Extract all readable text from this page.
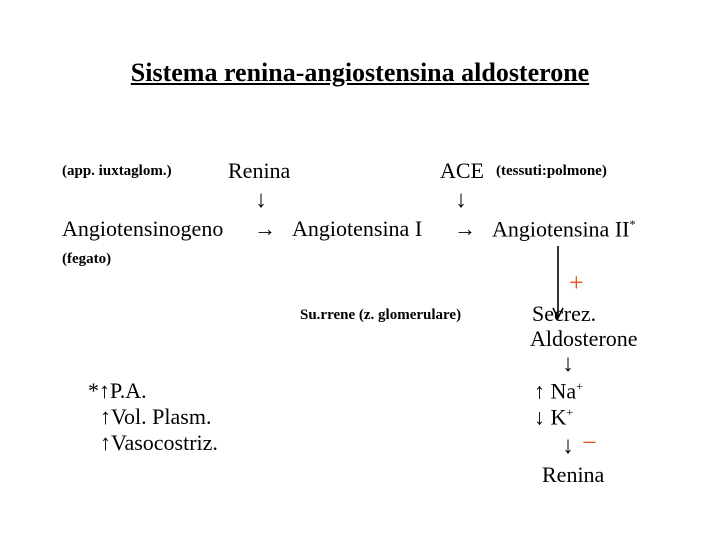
Sistema renina-angiostensina aldosterone
(app. iuxtaglom.)	Renina	ACE (tessuti:polmone)
↓	↓
Angiotensinogeno → Angiotensina I → Angiotensina II*
(fegato)
+
Su.rrene (z. glomerulare)	Secrez.
Aldosterone
↓
↑ Na+
↓ K+
↓ −
Renina
*↑P.A.
↑Vol. Plasm.
↑Vasocostriz.
